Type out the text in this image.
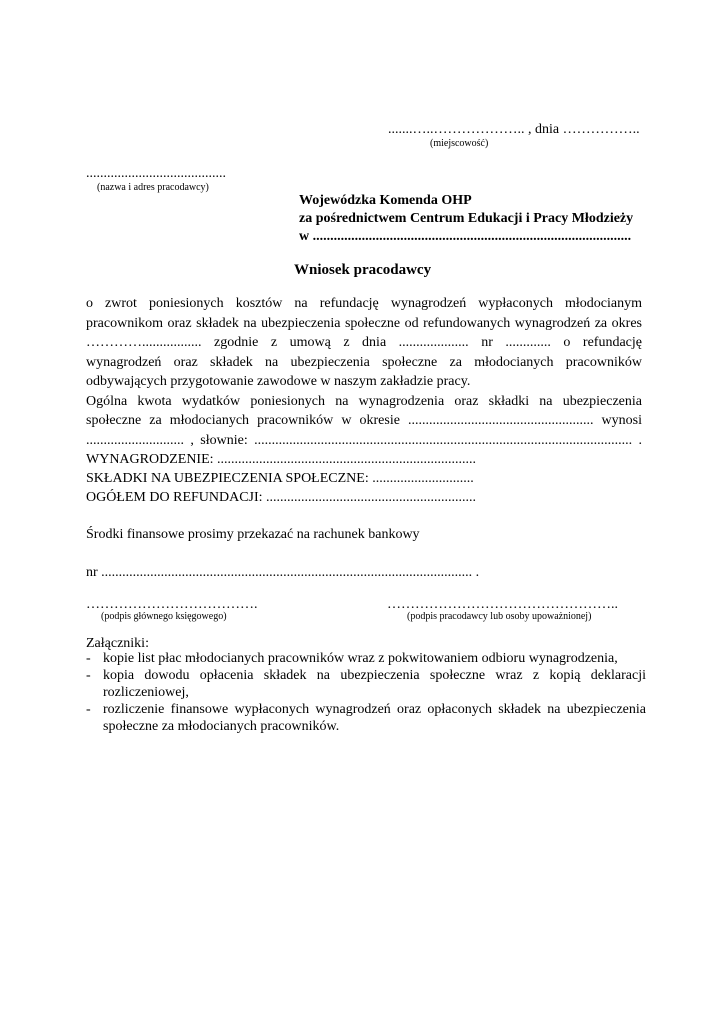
.......…..……………….. , dnia ……………..
(miejscowość)
........................................
(nazwa i adres pracodawcy)
Wojewódzka Komenda OHP
za pośrednictwem Centrum Edukacji i Pracy Młodzieży
w ...........................................................................................
Wniosek pracodawcy
o zwrot poniesionych kosztów na refundację wynagrodzeń wypłaconych młodocianym
pracownikom oraz składek na ubezpieczenia społeczne od refundowanych wynagrodzeń za okres
…………................. zgodnie z umową z dnia .................... nr ............. o refundację
wynagrodzeń oraz składek na ubezpieczenia społeczne za młodocianych pracowników
odbywających przygotowanie zawodowe w naszym zakładzie pracy.
Ogólna kwota wydatków poniesionych na wynagrodzenia oraz składki na ubezpieczenia
społeczne za młodocianych pracowników w okresie ..................................................... wynosi
............................ , słownie: ............................................................................................................ .
WYNAGRODZENIE: ..........................................................................
SKŁADKI NA UBEZPIECZENIA SPOŁECZNE: .............................
OGÓŁEM DO REFUNDACJI: ............................................................
Środki finansowe prosimy przekazać na rachunek bankowy
nr .......................................................................................................... .
……………………………….
(podpis głównego księgowego)
…………………………………………..
(podpis pracodawcy lub osoby upoważnionej)
Załączniki:
- kopie list płac młodocianych pracowników wraz z pokwitowaniem odbioru wynagrodzenia,
- kopia dowodu opłacenia składek na ubezpieczenia społeczne wraz z kopią deklaracji
rozliczeniowej,
- rozliczenie finansowe wypłaconych wynagrodzeń oraz opłaconych składek na ubezpieczenia
społeczne za młodocianych pracowników.
